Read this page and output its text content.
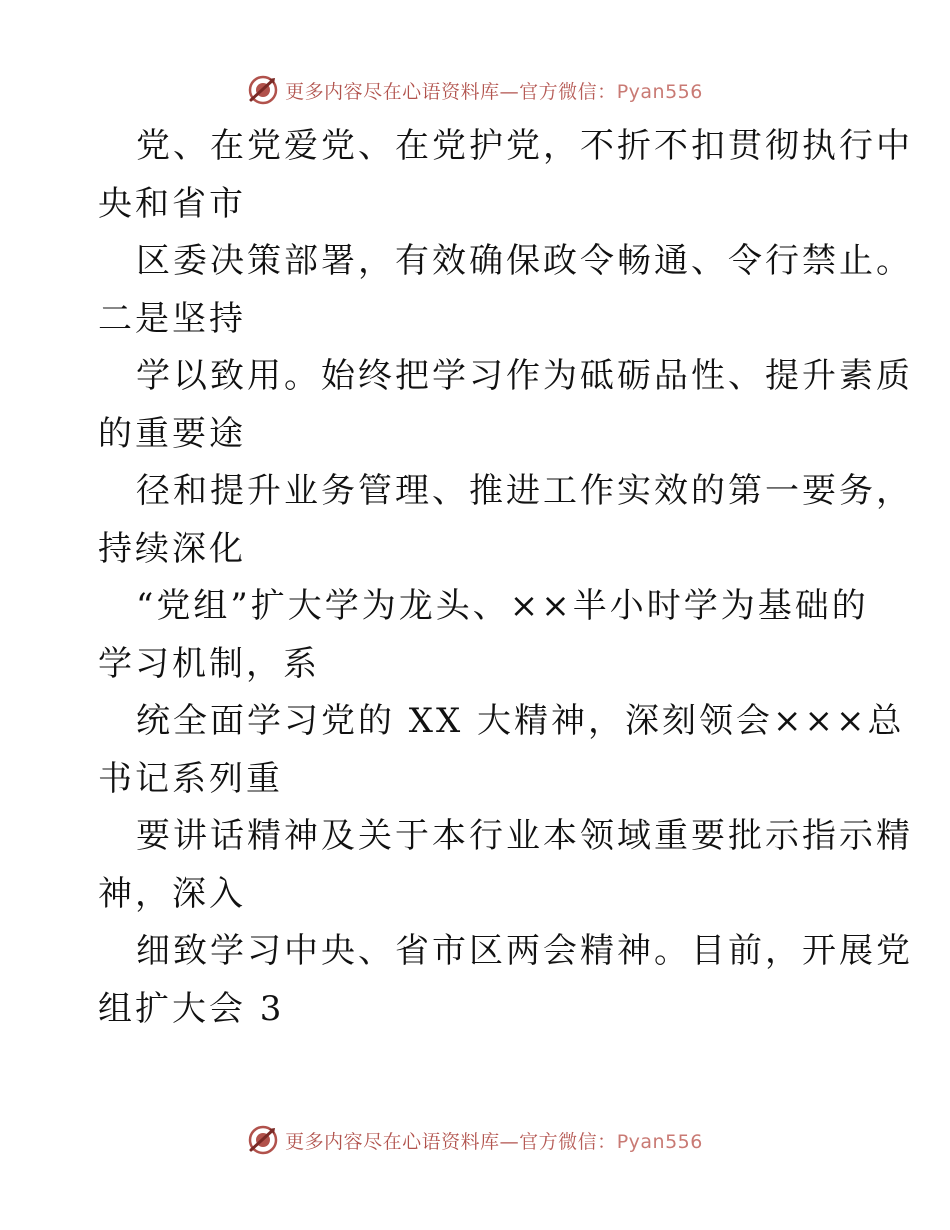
更多内容尽在心语资料库—官方微信：Pyan556
党、在党爱党、在党护党，不折不扣贯彻执行中
央和省市
区委决策部署，有效确保政令畅通、令行禁止。
二是坚持
学以致用。始终把学习作为砥砺品性、提升素质
的重要途
径和提升业务管理、推进工作实效的第一要务，
持续深化
“党组”扩大学为龙头、××半小时学为基础的
学习机制，系
统全面学习党的 XX 大精神，深刻领会×××总
书记系列重
要讲话精神及关于本行业本领域重要批示指示精
神，深入
细致学习中央、省市区两会精神。目前，开展党
组扩大会 3
更多内容尽在心语资料库—官方微信：Pyan556
